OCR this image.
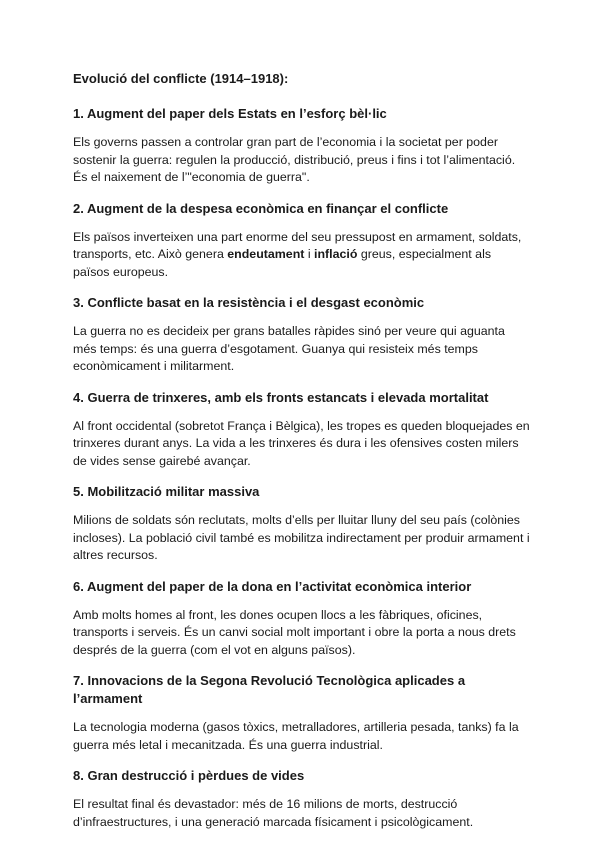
Evolució del conflicte (1914–1918):
1. Augment del paper dels Estats en l’esforç bèl·lic

Els governs passen a controlar gran part de l’economia i la societat per poder sostenir la guerra: regulen la producció, distribució, preus i fins i tot l’alimentació. És el naixement de l’"economia de guerra".

2. Augment de la despesa econòmica en finançar el conflicte

Els països inverteixen una part enorme del seu pressupost en armament, soldats, transports, etc. Això genera endeutament i inflació greus, especialment als països europeus.

3. Conflicte basat en la resistència i el desgast econòmic

La guerra no es decideix per grans batalles ràpides sinó per veure qui aguanta més temps: és una guerra d’esgotament. Guanya qui resisteix més temps econòmicament i militarment.

4. Guerra de trinxeres, amb els fronts estancats i elevada mortalitat

Al front occidental (sobretot França i Bèlgica), les tropes es queden bloquejades en trinxeres durant anys. La vida a les trinxeres és dura i les ofensives costen milers de vides sense gairebé avançar.

5. Mobilització militar massiva

Milions de soldats són reclutats, molts d’ells per lluitar lluny del seu país (colònies incloses). La població civil també es mobilitza indirectament per produir armament i altres recursos.

6. Augment del paper de la dona en l’activitat econòmica interior

Amb molts homes al front, les dones ocupen llocs a les fàbriques, oficines, transports i serveis. És un canvi social molt important i obre la porta a nous drets després de la guerra (com el vot en alguns països).

7. Innovacions de la Segona Revolució Tecnològica aplicades a l’armament

La tecnologia moderna (gasos tòxics, metralladores, artilleria pesada, tanks) fa la guerra més letal i mecanitzada. És una guerra industrial.

8. Gran destrucció i pèrdues de vides

El resultat final és devastador: més de 16 milions de morts, destrucció d’infraestructures, i una generació marcada físicament i psicològicament.
